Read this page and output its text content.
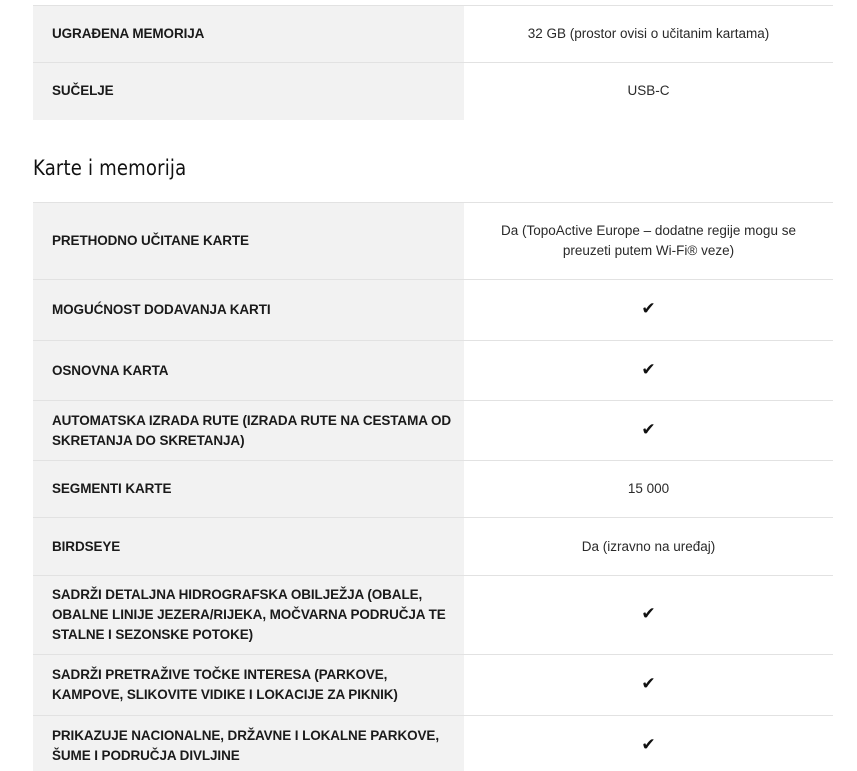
UGRAĐENA MEMORIJA	32 GB (prostor ovisi o učitanim kartama)
SUČELJE	USB-C
Karte i memorija
PRETHODNO UČITANE KARTE	Da (TopoActive Europe – dodatne regije mogu se preuzeti putem Wi-Fi® veze)
MOGUĆNOST DODAVANJA KARTI	✔
OSNOVNA KARTA	✔
AUTOMATSKA IZRADA RUTE (IZRADA RUTE NA CESTAMA OD SKRETANJA DO SKRETANJA)	✔
SEGMENTI KARTE	15 000
BIRDSEYE	Da (izravno na uređaj)
SADRŽI DETALJNA HIDROGRAFSKA OBILJEŽJA (OBALE, OBALNE LINIJE JEZERA/RIJEKA, MOČVARNA PODRUČJA TE STALNE I SEZONSKE POTOKE)	✔
SADRŽI PRETRAŽIVE TOČKE INTERESA (PARKOVE, KAMPOVE, SLIKOVITE VIDIKE I LOKACIJE ZA PIKNIK)	✔
PRIKAZUJE NACIONALNE, DRŽAVNE I LOKALNE PARKOVE, ŠUME I PODRUČJA DIVLJINE	✔
